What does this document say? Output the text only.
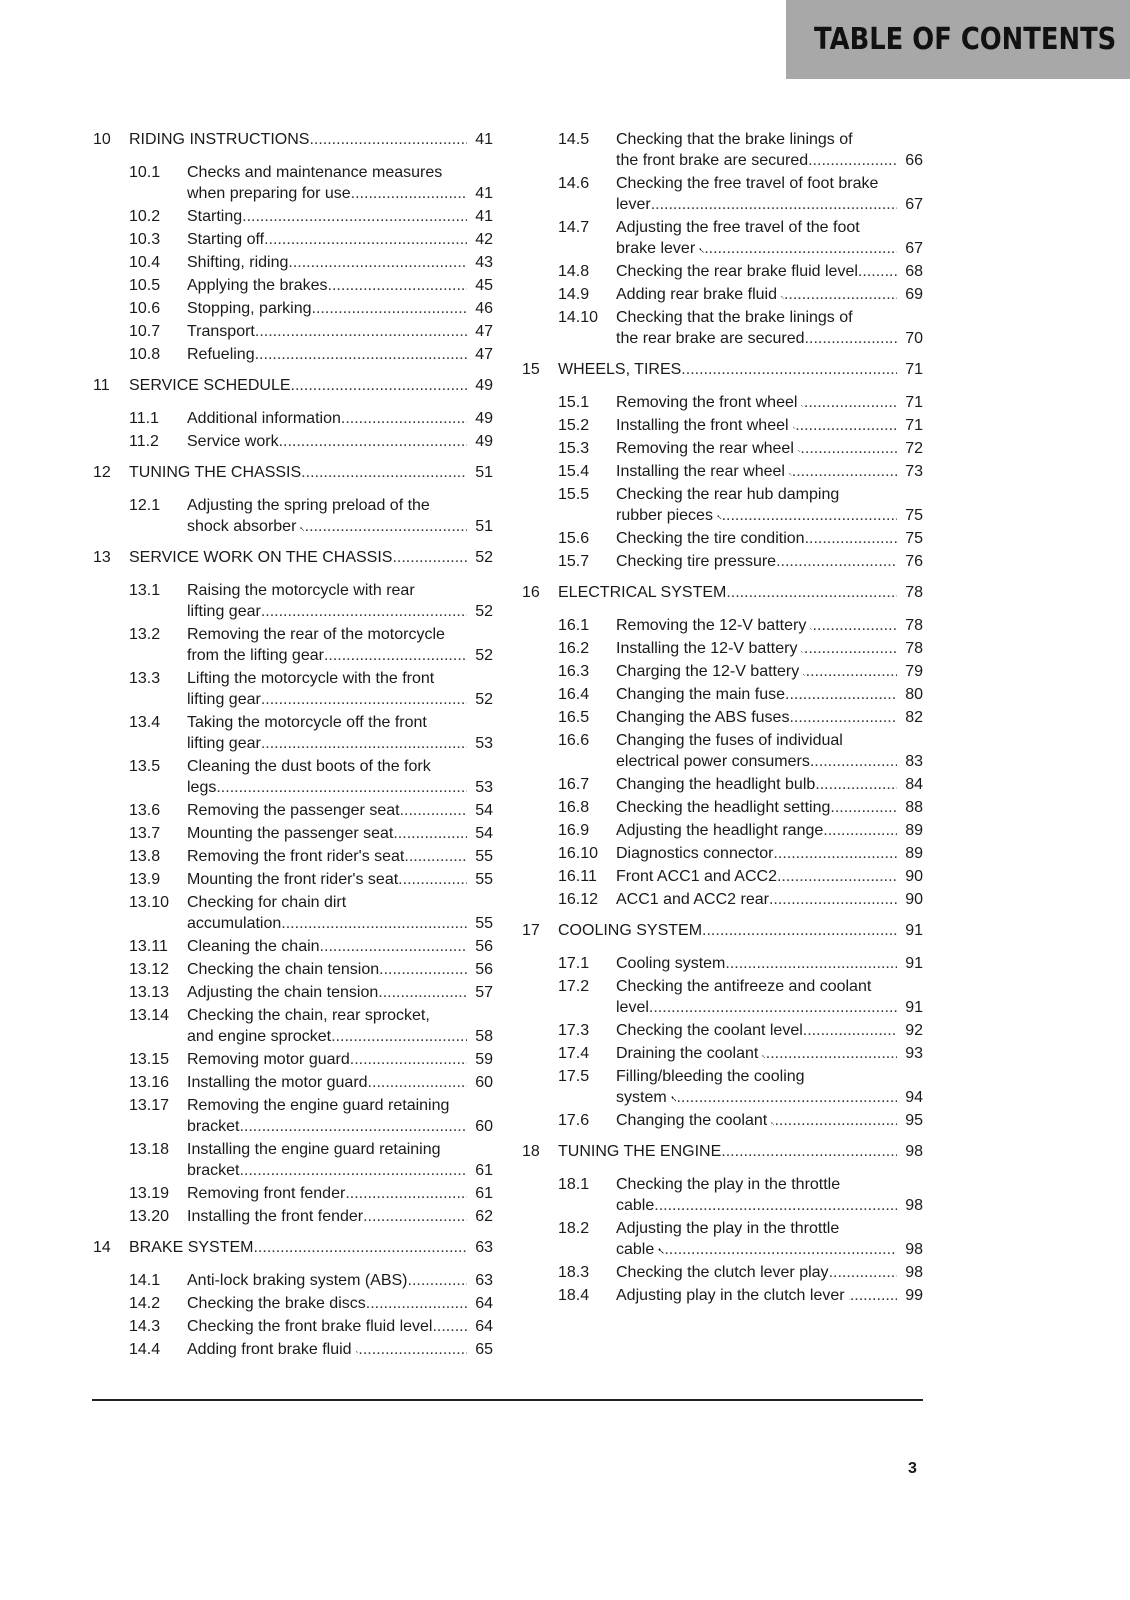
TABLE OF CONTENTS
10 RIDING INSTRUCTIONS .....	41
10.1 Checks and maintenance measures
when preparing for use .....	41
10.2 Starting .....	41
10.3 Starting off .....	42
10.4 Shifting, riding .....	43
10.5 Applying the brakes .....	45
10.6 Stopping, parking .....	46
10.7 Transport .....	47
10.8 Refueling .....	47
11 SERVICE SCHEDULE .....	49
11.1 Additional information .....	49
11.2 Service work .....	49
12 TUNING THE CHASSIS .....	51
12.1 Adjusting the spring preload of the
shock absorber .....	51
13 SERVICE WORK ON THE CHASSIS .....	52
13.1 Raising the motorcycle with rear
lifting gear .....	52
13.2 Removing the rear of the motorcycle
from the lifting gear .....	52
13.3 Lifting the motorcycle with the front
lifting gear .....	52
13.4 Taking the motorcycle off the front
lifting gear .....	53
13.5 Cleaning the dust boots of the fork
legs .....	53
13.6 Removing the passenger seat .....	54
13.7 Mounting the passenger seat .....	54
13.8 Removing the front rider's seat .....	55
13.9 Mounting the front rider's seat .....	55
13.10 Checking for chain dirt
accumulation .....	55
13.11 Cleaning the chain .....	56
13.12 Checking the chain tension .....	56
13.13 Adjusting the chain tension .....	57
13.14 Checking the chain, rear sprocket,
and engine sprocket .....	58
13.15 Removing motor guard .....	59
13.16 Installing the motor guard .....	60
13.17 Removing the engine guard retaining
bracket .....	60
13.18 Installing the engine guard retaining
bracket .....	61
13.19 Removing front fender .....	61
13.20 Installing the front fender .....	62
14 BRAKE SYSTEM .....	63
14.1 Anti-lock braking system (ABS) .....	63
14.2 Checking the brake discs .....	64
14.3 Checking the front brake fluid level .....	64
14.4 Adding front brake fluid .....	65
14.5 Checking that the brake linings of
the front brake are secured .....	66
14.6 Checking the free travel of foot brake
lever .....	67
14.7 Adjusting the free travel of the foot
brake lever .....	67
14.8 Checking the rear brake fluid level .....	68
14.9 Adding rear brake fluid .....	69
14.10 Checking that the brake linings of
the rear brake are secured .....	70
15 WHEELS, TIRES .....	71
15.1 Removing the front wheel .....	71
15.2 Installing the front wheel .....	71
15.3 Removing the rear wheel .....	72
15.4 Installing the rear wheel .....	73
15.5 Checking the rear hub damping
rubber pieces .....	75
15.6 Checking the tire condition .....	75
15.7 Checking tire pressure .....	76
16 ELECTRICAL SYSTEM .....	78
16.1 Removing the 12-V battery .....	78
16.2 Installing the 12-V battery .....	78
16.3 Charging the 12-V battery .....	79
16.4 Changing the main fuse .....	80
16.5 Changing the ABS fuses .....	82
16.6 Changing the fuses of individual
electrical power consumers .....	83
16.7 Changing the headlight bulb .....	84
16.8 Checking the headlight setting .....	88
16.9 Adjusting the headlight range .....	89
16.10 Diagnostics connector .....	89
16.11 Front ACC1 and ACC2 .....	90
16.12 ACC1 and ACC2 rear .....	90
17 COOLING SYSTEM .....	91
17.1 Cooling system .....	91
17.2 Checking the antifreeze and coolant
level .....	91
17.3 Checking the coolant level .....	92
17.4 Draining the coolant .....	93
17.5 Filling/bleeding the cooling
system .....	94
17.6 Changing the coolant .....	95
18 TUNING THE ENGINE .....	98
18.1 Checking the play in the throttle
cable .....	98
18.2 Adjusting the play in the throttle
cable .....	98
18.3 Checking the clutch lever play .....	98
18.4 Adjusting play in the clutch lever .....	99
3
